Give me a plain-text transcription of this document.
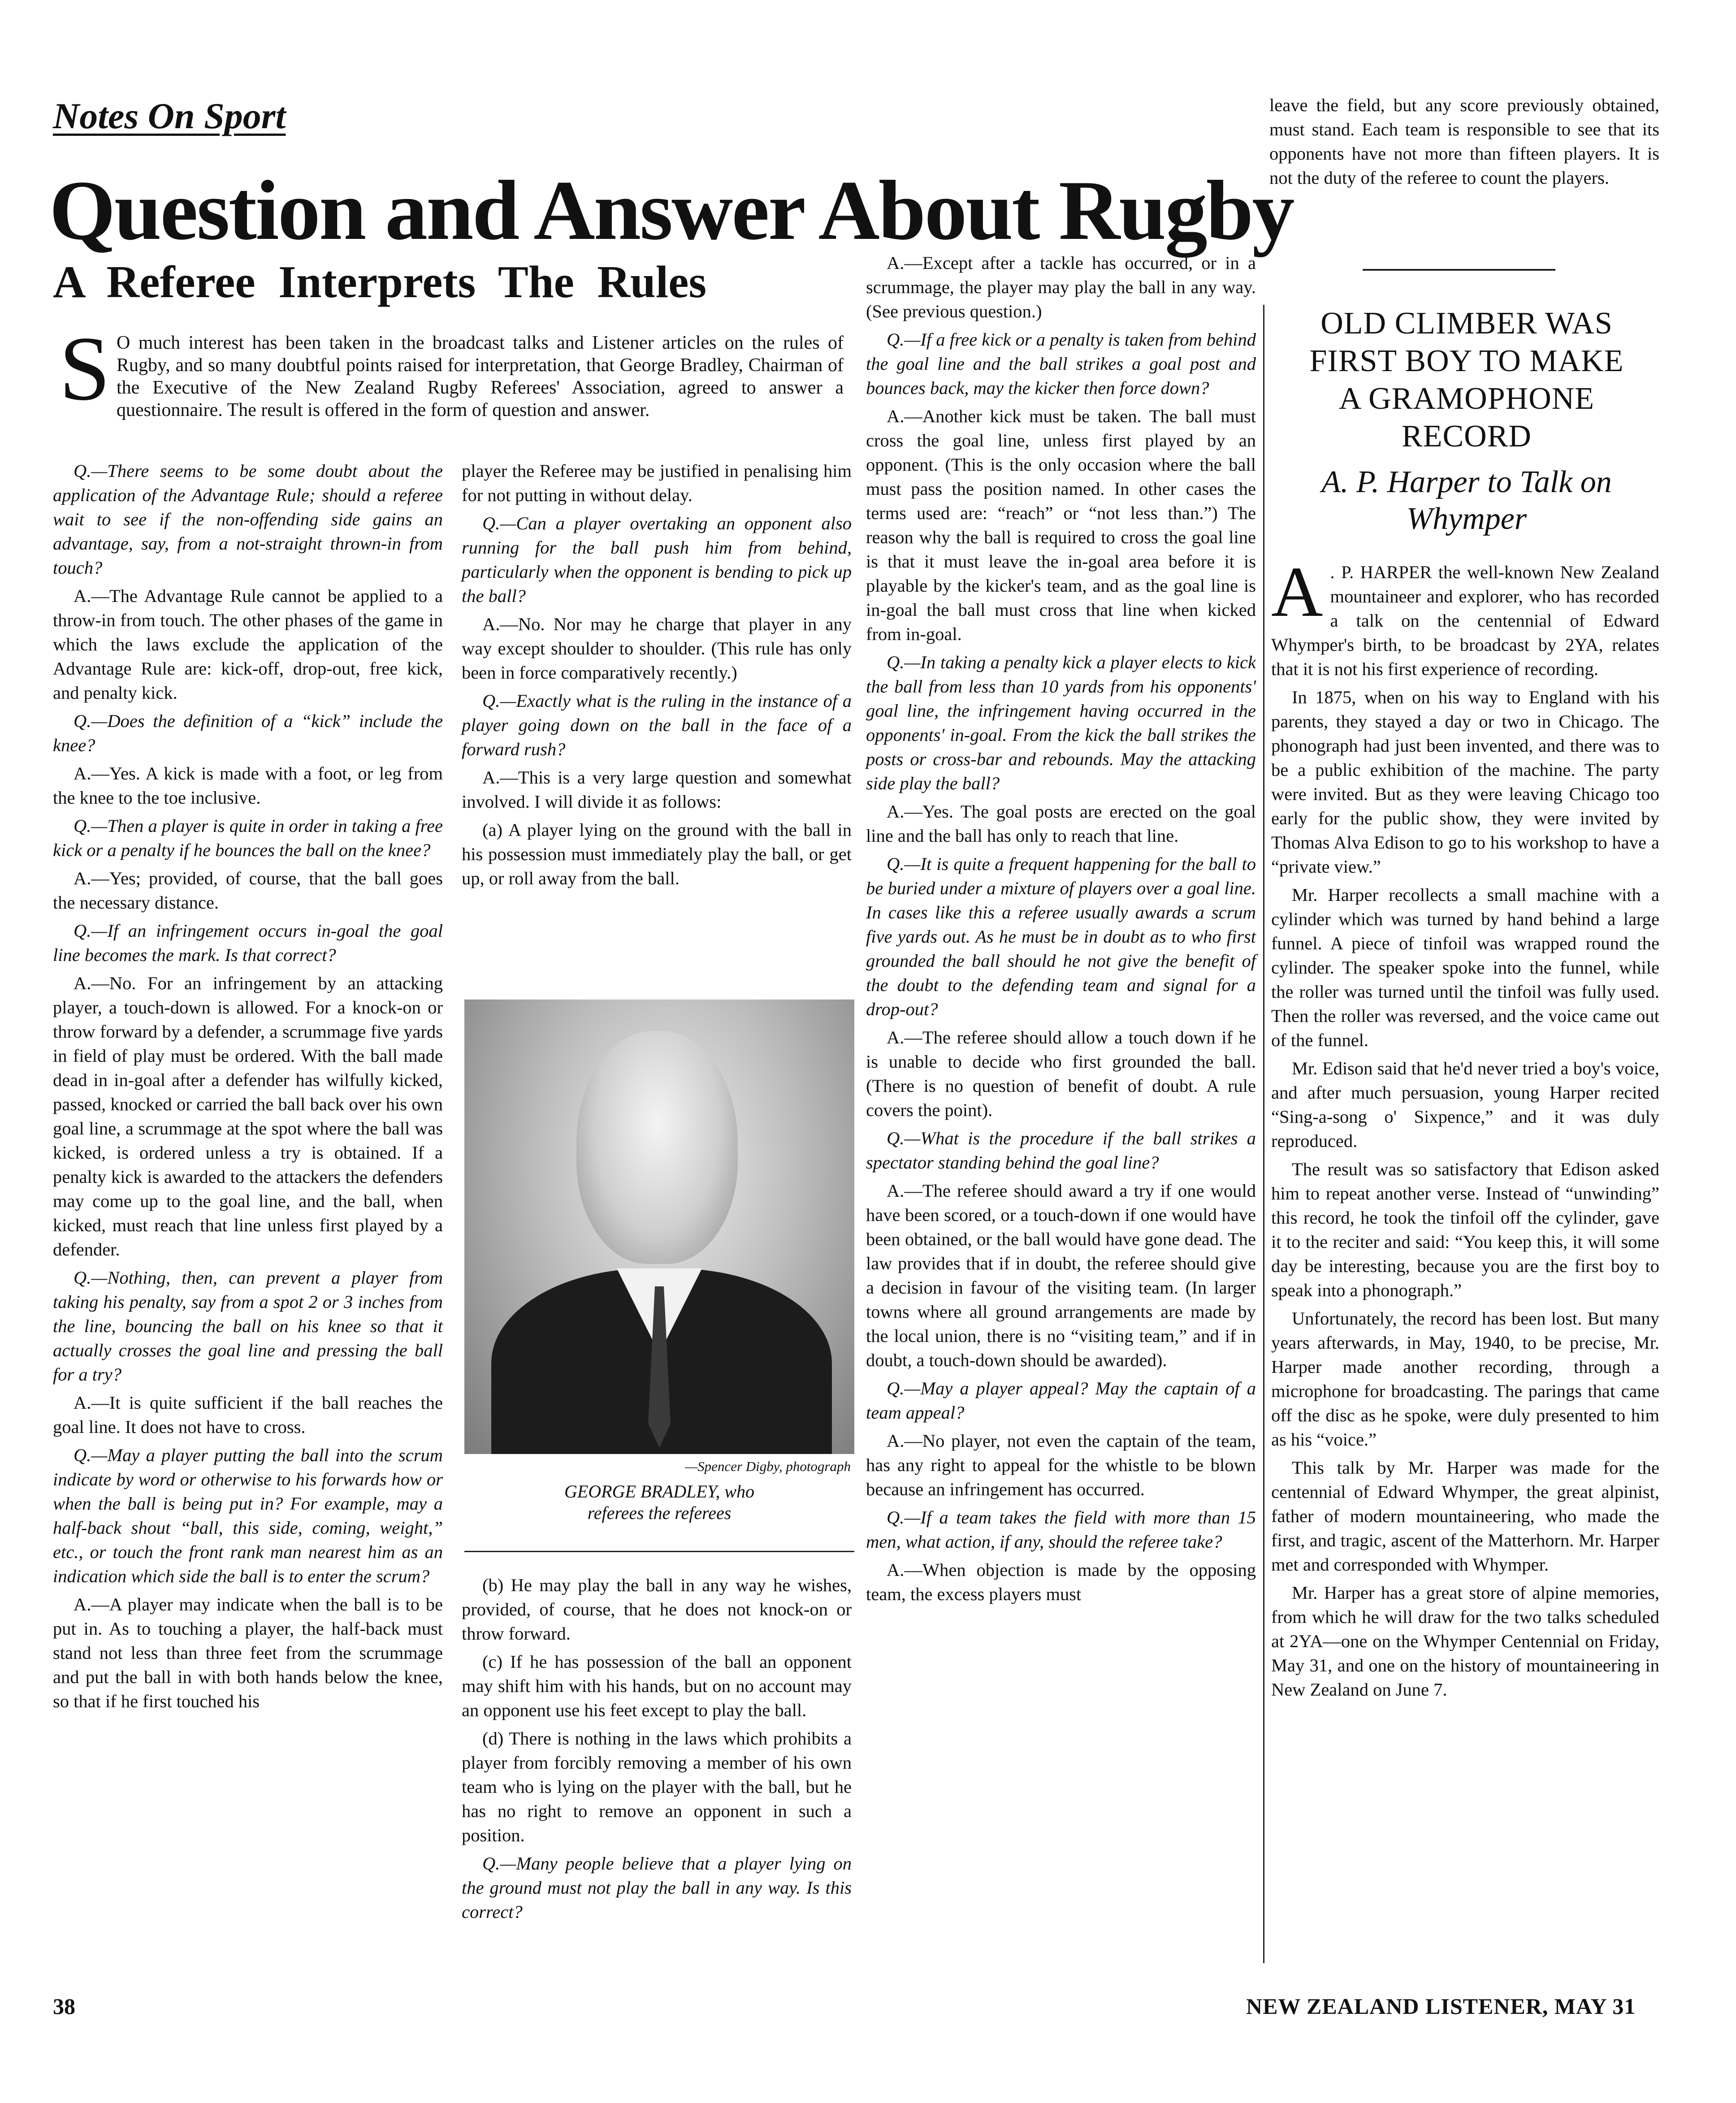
Notes On Sport
Question and Answer About Rugby
A Referee Interprets The Rules
S O much interest has been taken in the broadcast talks and Listener articles on the rules of Rugby, and so many doubtful points raised for interpretation, that George Bradley, Chairman of the Executive of the New Zealand Rugby Referees' Association, agreed to answer a questionnaire. The result is offered in the form of question and answer.

Q.—There seems to be some doubt about the application of the Advantage Rule; should a referee wait to see if the non-offending side gains an advantage, say, from a not-straight thrown-in from touch?

A.—The Advantage Rule cannot be applied to a throw-in from touch. The other phases of the game in which the laws exclude the application of the Advantage Rule are: kick-off, drop-out, free kick, and penalty kick.

Q.—Does the definition of a “kick” include the knee?

A.—Yes. A kick is made with a foot, or leg from the knee to the toe inclusive.

Q.—Then a player is quite in order in taking a free kick or a penalty if he bounces the ball on the knee?

A.—Yes; provided, of course, that the ball goes the necessary distance.

Q.—If an infringement occurs in-goal the goal line becomes the mark. Is that correct?

A.—No. For an infringement by an attacking player, a touch-down is allowed. For a knock-on or throw forward by a defender, a scrummage five yards in field of play must be ordered. With the ball made dead in in-goal after a defender has wilfully kicked, passed, knocked or carried the ball back over his own goal line, a scrummage at the spot where the ball was kicked, is ordered unless a try is obtained. If a penalty kick is awarded to the attackers the defenders may come up to the goal line, and the ball, when kicked, must reach that line unless first played by a defender.

Q.—Nothing, then, can prevent a player from taking his penalty, say from a spot 2 or 3 inches from the line, bouncing the ball on his knee so that it actually crosses the goal line and pressing the ball for a try?

A.—It is quite sufficient if the ball reaches the goal line. It does not have to cross.

Q.—May a player putting the ball into the scrum indicate by word or otherwise to his forwards how or when the ball is being put in? For example, may a half-back shout “ball, this side, coming, weight,” etc., or touch the front rank man nearest him as an indication which side the ball is to enter the scrum?

A.—A player may indicate when the ball is to be put in. As to touching a player, the half-back must stand not less than three feet from the scrummage and put the ball in with both hands below the knee, so that if he first touched his

player the Referee may be justified in penalising him for not putting in without delay.

Q.—Can a player overtaking an opponent also running for the ball push him from behind, particularly when the opponent is bending to pick up the ball?

A.—No. Nor may he charge that player in any way except shoulder to shoulder. (This rule has only been in force comparatively recently.)

Q.—Exactly what is the ruling in the instance of a player going down on the ball in the face of a forward rush?

A.—This is a very large question and somewhat involved. I will divide it as follows:

(a) A player lying on the ground with the ball in his possession must immediately play the ball, or get up, or roll away from the ball.

—Spencer Digby, photograph

GEORGE BRADLEY, who
referees the referees

(b) He may play the ball in any way he wishes, provided, of course, that he does not knock-on or throw forward.

(c) If he has possession of the ball an opponent may shift him with his hands, but on no account may an opponent use his feet except to play the ball.

(d) There is nothing in the laws which prohibits a player from forcibly removing a member of his own team who is lying on the player with the ball, but he has no right to remove an opponent in such a position.

Q.—Many people believe that a player lying on the ground must not play the ball in any way. Is this correct?

A.—Except after a tackle has occurred, or in a scrummage, the player may play the ball in any way. (See previous question.)

Q.—If a free kick or a penalty is taken from behind the goal line and the ball strikes a goal post and bounces back, may the kicker then force down?

A.—Another kick must be taken. The ball must cross the goal line, unless first played by an opponent. (This is the only occasion where the ball must pass the position named. In other cases the terms used are: “reach” or “not less than.”) The reason why the ball is required to cross the goal line is that it must leave the in-goal area before it is playable by the kicker's team, and as the goal line is in-goal the ball must cross that line when kicked from in-goal.

Q.—In taking a penalty kick a player elects to kick the ball from less than 10 yards from his opponents' goal line, the infringement having occurred in the opponents' in-goal. From the kick the ball strikes the posts or cross-bar and rebounds. May the attacking side play the ball?

A.—Yes. The goal posts are erected on the goal line and the ball has only to reach that line.

Q.—It is quite a frequent happening for the ball to be buried under a mixture of players over a goal line. In cases like this a referee usually awards a scrum five yards out. As he must be in doubt as to who first grounded the ball should he not give the benefit of the doubt to the defending team and signal for a drop-out?

A.—The referee should allow a touch down if he is unable to decide who first grounded the ball. (There is no question of benefit of doubt. A rule covers the point).

Q.—What is the procedure if the ball strikes a spectator standing behind the goal line?

A.—The referee should award a try if one would have been scored, or a touch-down if one would have been obtained, or the ball would have gone dead. The law provides that if in doubt, the referee should give a decision in favour of the visiting team. (In larger towns where all ground arrangements are made by the local union, there is no “visiting team,” and if in doubt, a touch-down should be awarded).

Q.—May a player appeal? May the captain of a team appeal?

A.—No player, not even the captain of the team, has any right to appeal for the whistle to be blown because an infringement has occurred.

Q.—If a team takes the field with more than 15 men, what action, if any, should the referee take?

A.—When objection is made by the opposing team, the excess players must

leave the field, but any score previously obtained, must stand. Each team is responsible to see that its opponents have not more than fifteen players. It is not the duty of the referee to count the players.

OLD CLIMBER WAS
FIRST BOY TO MAKE
A GRAMOPHONE
RECORD
A. P. Harper to Talk on
Whymper

A . P. HARPER the well-known New Zealand mountaineer and explorer, who has recorded a talk on the centennial of Edward Whymper's birth, to be broadcast by 2YA, relates that it is not his first experience of recording.

In 1875, when on his way to England with his parents, they stayed a day or two in Chicago. The phonograph had just been invented, and there was to be a public exhibition of the machine. The party were invited. But as they were leaving Chicago too early for the public show, they were invited by Thomas Alva Edison to go to his workshop to have a “private view.”

Mr. Harper recollects a small machine with a cylinder which was turned by hand behind a large funnel. A piece of tinfoil was wrapped round the cylinder. The speaker spoke into the funnel, while the roller was turned until the tinfoil was fully used. Then the roller was reversed, and the voice came out of the funnel.

Mr. Edison said that he'd never tried a boy's voice, and after much persuasion, young Harper recited “Sing-a-song o' Sixpence,” and it was duly reproduced.

The result was so satisfactory that Edison asked him to repeat another verse. Instead of “unwinding” this record, he took the tinfoil off the cylinder, gave it to the reciter and said: “You keep this, it will some day be interesting, because you are the first boy to speak into a phonograph.”

Unfortunately, the record has been lost. But many years afterwards, in May, 1940, to be precise, Mr. Harper made another recording, through a microphone for broadcasting. The parings that came off the disc as he spoke, were duly presented to him as his “voice.”

This talk by Mr. Harper was made for the centennial of Edward Whymper, the great alpinist, father of modern mountaineering, who made the first, and tragic, ascent of the Matterhorn. Mr. Harper met and corresponded with Whymper.

Mr. Harper has a great store of alpine memories, from which he will draw for the two talks scheduled at 2YA—one on the Whymper Centennial on Friday, May 31, and one on the history of mountaineering in New Zealand on June 7.

38	NEW ZEALAND LISTENER, MAY 31
